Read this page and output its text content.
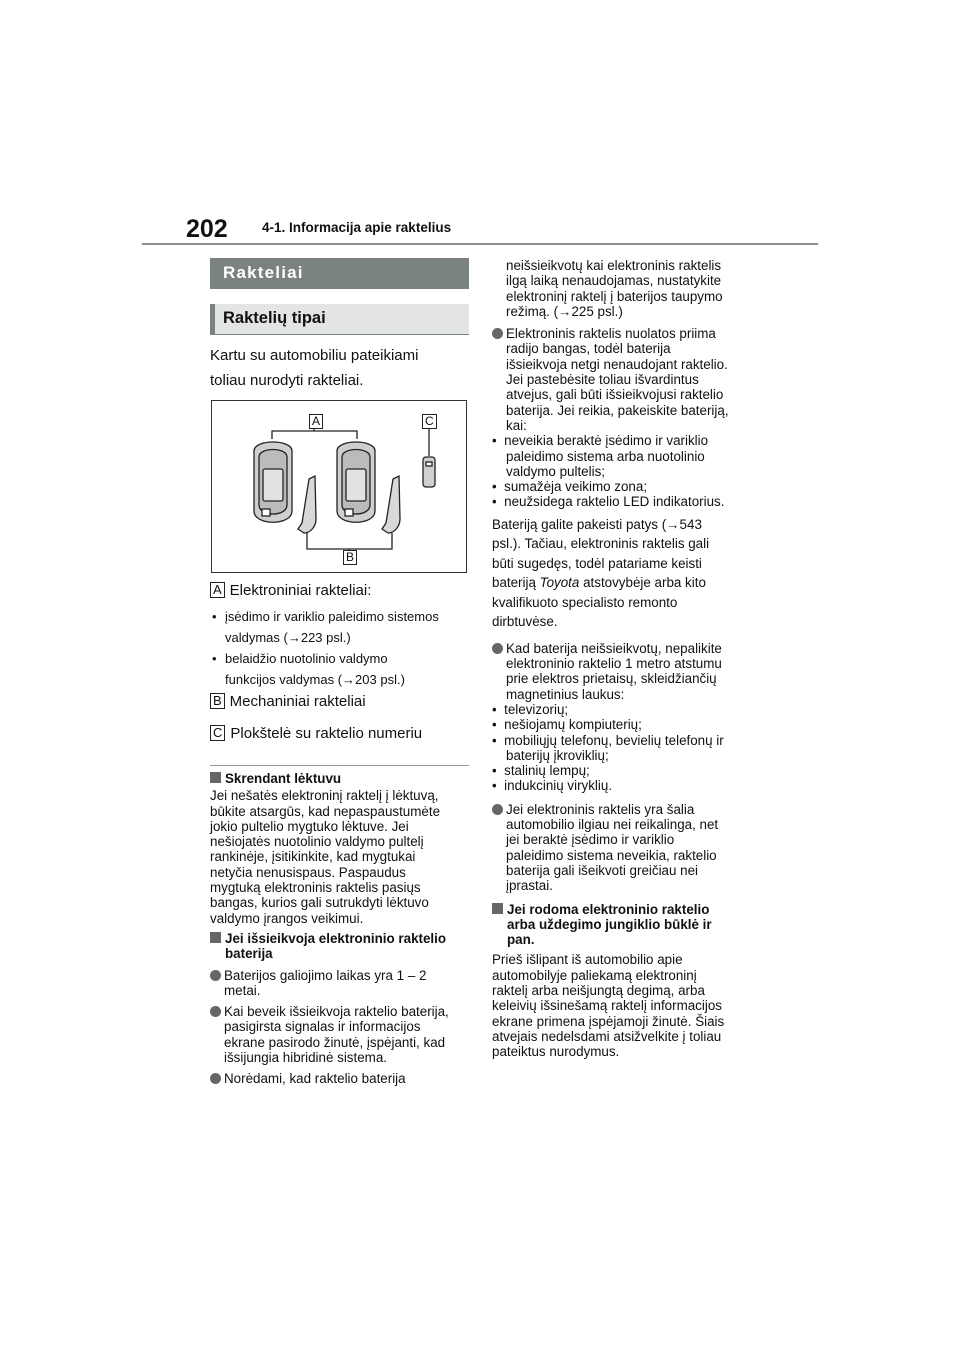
202	4-1. Informacija apie raktelius
Rakteliai
Raktelių tipai
Kartu su automobiliu pateikiami
toliau nurodyti rakteliai.
A
B
C
A Elektroniniai rakteliai:
• įsėdimo ir variklio paleidimo sistemos
valdymas (→223 psl.)
• belaidžio nuotolinio valdymo
funkcijos valdymas (→203 psl.)
B Mechaniniai rakteliai
C Plokštelė su raktelio numeriu
Skrendant lėktuvu
Jei nešatės elektroninį raktelį į lėktuvą,
būkite atsargūs, kad nepaspaustumėte
jokio pultelio mygtuko lėktuve. Jei
nešiojatės nuotolinio valdymo pultelį
rankinėje, įsitikinkite, kad mygtukai
netyčia nenusispaus. Paspaudus
mygtuką elektroninis raktelis pasiųs
bangas, kurios gali sutrukdyti lėktuvo
valdymo įrangos veikimui.
Jei išsieikvoja elektroninio raktelio
baterija
Baterijos galiojimo laikas yra 1 – 2
metai.
Kai beveik išsieikvoja raktelio baterija,
pasigirsta signalas ir informacijos
ekrane pasirodo žinutė, įspėjanti, kad
išsijungia hibridinė sistema.
Norėdami, kad raktelio baterija
neišsieikvotų kai elektroninis raktelis
ilgą laiką nenaudojamas, nustatykite
elektroninį raktelį į baterijos taupymo
režimą. (→225 psl.)
Elektroninis raktelis nuolatos priima
radijo bangas, todėl baterija
išsieikvoja netgi nenaudojant raktelio.
Jei pastebėsite toliau išvardintus
atvejus, gali būti išsieikvojusi raktelio
baterija. Jei reikia, pakeiskite bateriją,
kai:
•  neveikia beraktė įsėdimo ir variklio
paleidimo sistema arba nuotolinio
valdymo pultelis;
•  sumažėja veikimo zona;
•  neužsidega raktelio LED indikatorius.
Bateriją galite pakeisti patys (→543
psl.). Tačiau, elektroninis raktelis gali
būti sugedęs, todėl patariame keisti
bateriją Toyota atstovybėje arba kito
kvalifikuoto specialisto remonto
dirbtuvėse.
Kad baterija neišsieikvotų, nepalikite
elektroninio raktelio 1 metro atstumu
prie elektros prietaisų, skleidžiančių
magnetinius laukus:
•  televizorių;
•  nešiojamų kompiuterių;
•  mobiliųjų telefonų, bevielių telefonų ir
baterijų įkroviklių;
•  stalinių lempų;
•  indukcinių viryklių.
Jei elektroninis raktelis yra šalia
automobilio ilgiau nei reikalinga, net
jei beraktė įsėdimo ir variklio
paleidimo sistema neveikia, raktelio
baterija gali išeikvoti greičiau nei
įprastai.
Jei rodoma elektroninio raktelio
arba uždegimo jungiklio būklė ir
pan.
Prieš išlipant iš automobilio apie
automobilyje paliekamą elektroninį
raktelį arba neišjungtą degimą, arba
keleivių išsinešamą raktelį informacijos
ekrane primena įspėjamoji žinutė. Šiais
atvejais nedelsdami atsižvelkite į toliau
pateiktus nurodymus.
